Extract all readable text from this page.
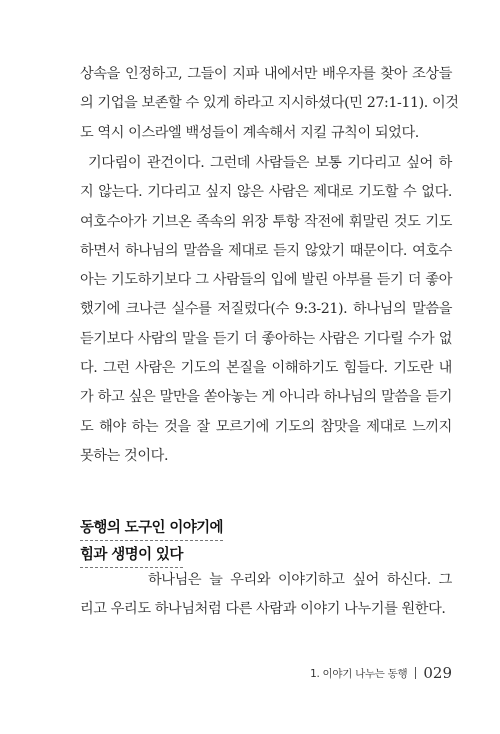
상속을 인정하고, 그들이 지파 내에서만 배우자를 찾아 조상들
의 기업을 보존할 수 있게 하라고 지시하셨다(민 27:1-11). 이것
도 역시 이스라엘 백성들이 계속해서 지킬 규칙이 되었다.
기다림이 관건이다. 그런데 사람들은 보통 기다리고 싶어 하
지 않는다. 기다리고 싶지 않은 사람은 제대로 기도할 수 없다.
여호수아가 기브온 족속의 위장 투항 작전에 휘말린 것도 기도
하면서 하나님의 말씀을 제대로 듣지 않았기 때문이다. 여호수
아는 기도하기보다 그 사람들의 입에 발린 아부를 듣기 더 좋아
했기에 크나큰 실수를 저질렀다(수 9:3-21). 하나님의 말씀을
듣기보다 사람의 말을 듣기 더 좋아하는 사람은 기다릴 수가 없
다. 그런 사람은 기도의 본질을 이해하기도 힘들다. 기도란 내
가 하고 싶은 말만을 쏟아놓는 게 아니라 하나님의 말씀을 듣기
도 해야 하는 것을 잘 모르기에 기도의 참맛을 제대로 느끼지
못하는 것이다.
동행의 도구인 이야기에
힘과 생명이 있다
하나님은 늘 우리와 이야기하고 싶어 하신다. 그
리고 우리도 하나님처럼 다른 사람과 이야기 나누기를 원한다.
1. 이야기 나누는 동행 029
